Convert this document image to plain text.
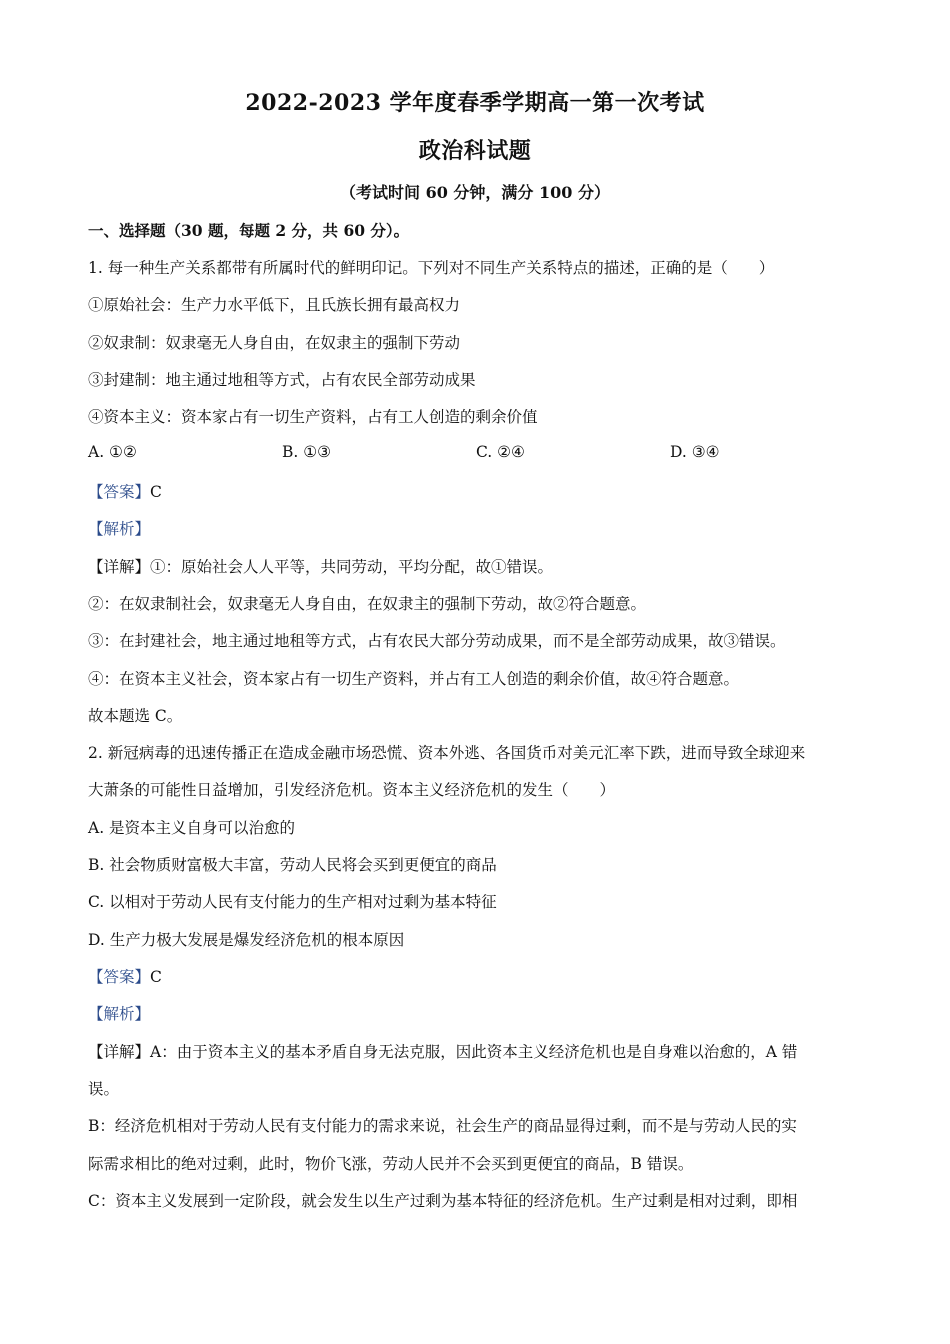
2022-2023 学年度春季学期高一第一次考试
政治科试题
（考试时间 60 分钟，满分 100 分）
一、选择题（30 题，每题 2 分，共 60 分）。
1. 每一种生产关系都带有所属时代的鲜明印记。下列对不同生产关系特点的描述，正确的是（　　）
①原始社会：生产力水平低下，且氏族长拥有最高权力
②奴隶制：奴隶毫无人身自由，在奴隶主的强制下劳动
③封建制：地主通过地租等方式，占有农民全部劳动成果
④资本主义：资本家占有一切生产资料，占有工人创造的剩余价值
A. ①②	B. ①③	C. ②④	D. ③④
【答案】C
【解析】
【详解】①：原始社会人人平等，共同劳动，平均分配，故①错误。
②：在奴隶制社会，奴隶毫无人身自由，在奴隶主的强制下劳动，故②符合题意。
③：在封建社会，地主通过地租等方式，占有农民大部分劳动成果，而不是全部劳动成果，故③错误。
④：在资本主义社会，资本家占有一切生产资料，并占有工人创造的剩余价值，故④符合题意。
故本题选 C。
2. 新冠病毒的迅速传播正在造成金融市场恐慌、资本外逃、各国货币对美元汇率下跌，进而导致全球迎来
大萧条的可能性日益增加，引发经济危机。资本主义经济危机的发生（　　）
A. 是资本主义自身可以治愈的
B. 社会物质财富极大丰富，劳动人民将会买到更便宜的商品
C. 以相对于劳动人民有支付能力的生产相对过剩为基本特征
D. 生产力极大发展是爆发经济危机的根本原因
【答案】C
【解析】
【详解】A：由于资本主义的基本矛盾自身无法克服，因此资本主义经济危机也是自身难以治愈的，A 错
误。
B：经济危机相对于劳动人民有支付能力的需求来说，社会生产的商品显得过剩，而不是与劳动人民的实
际需求相比的绝对过剩，此时，物价飞涨，劳动人民并不会买到更便宜的商品，B 错误。
C：资本主义发展到一定阶段，就会发生以生产过剩为基本特征的经济危机。生产过剩是相对过剩，即相
